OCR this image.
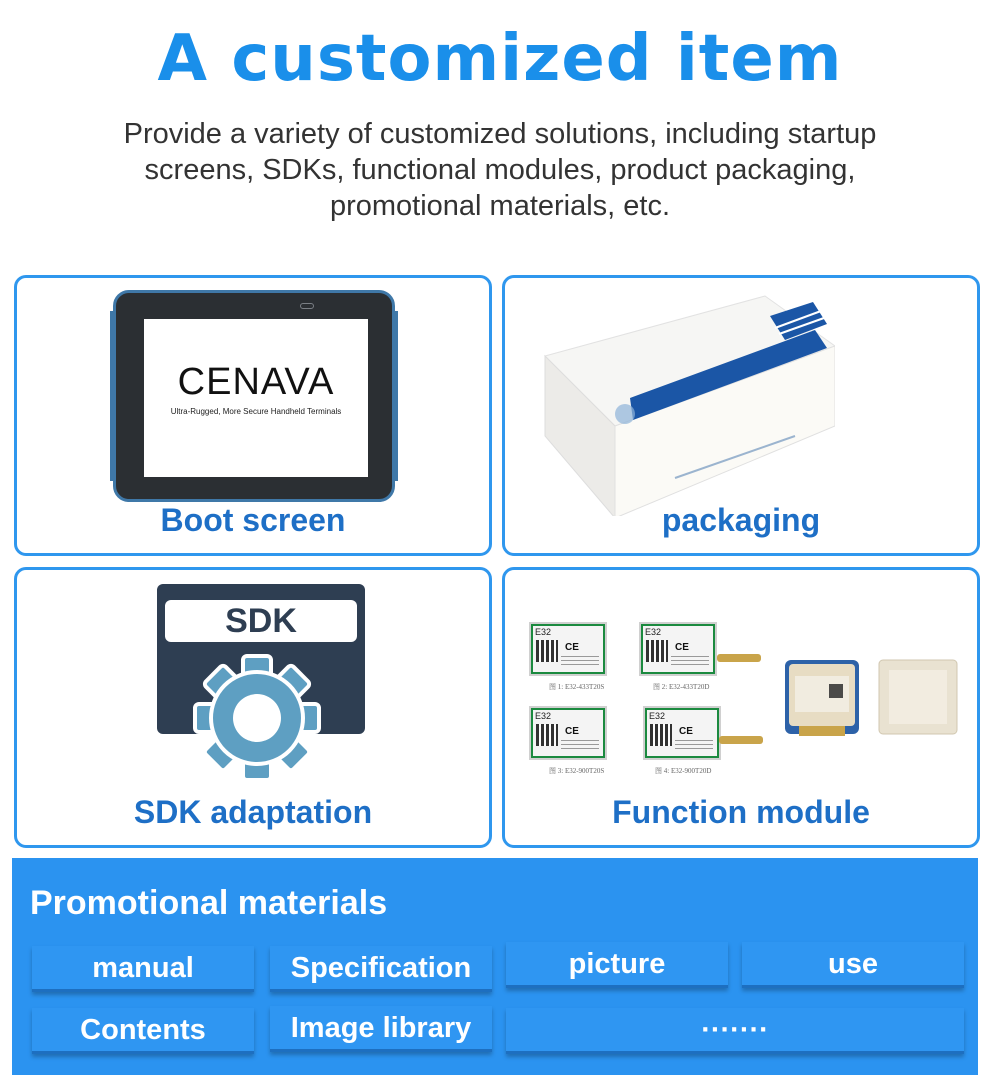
A customized item
Provide a variety of customized solutions, including startup
screens, SDKs, functional modules, product packaging,
promotional materials, etc.
CENAVA
Ultra-Rugged, More Secure Handheld Terminals
Boot screen	packaging
SDK
SDK adaptation
E32
CE
图 1: E32-433T20S
E32
CE
图 2: E32-433T20D
E32
CE
图 3: E32-900T20S
E32
CE
图 4: E32-900T20D
Function module
Promotional materials
manual	Specification	picture	use
Contents	Image library	·······
